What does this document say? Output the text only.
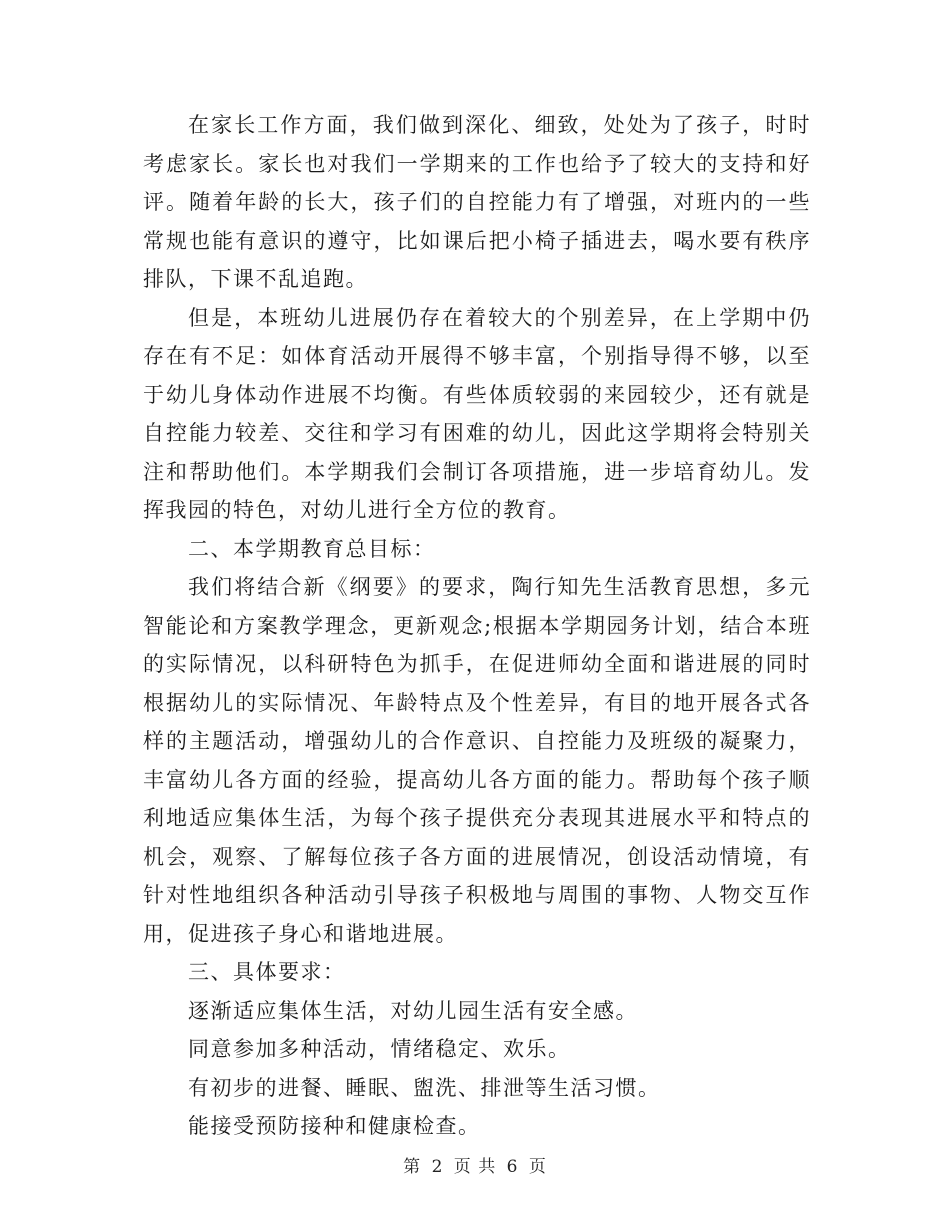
在家长工作方面，我们做到深化、细致，处处为了孩子，时时考虑家长。家长也对我们一学期来的工作也给予了较大的支持和好评。随着年龄的长大，孩子们的自控能力有了增强，对班内的一些常规也能有意识的遵守，比如课后把小椅子插进去，喝水要有秩序排队，下课不乱追跑。

但是，本班幼儿进展仍存在着较大的个别差异，在上学期中仍存在有不足：如体育活动开展得不够丰富，个别指导得不够，以至于幼儿身体动作进展不均衡。有些体质较弱的来园较少，还有就是自控能力较差、交往和学习有困难的幼儿，因此这学期将会特别关注和帮助他们。本学期我们会制订各项措施，进一步培育幼儿。发挥我园的特色，对幼儿进行全方位的教育。

二、本学期教育总目标：

我们将结合新《纲要》的要求，陶行知先生活教育思想，多元智能论和方案教学理念，更新观念;根据本学期园务计划，结合本班的实际情况，以科研特色为抓手，在促进师幼全面和谐进展的同时根据幼儿的实际情况、年龄特点及个性差异，有目的地开展各式各样的主题活动，增强幼儿的合作意识、自控能力及班级的凝聚力，丰富幼儿各方面的经验，提高幼儿各方面的能力。帮助每个孩子顺利地适应集体生活，为每个孩子提供充分表现其进展水平和特点的机会，观察、了解每位孩子各方面的进展情况，创设活动情境，有针对性地组织各种活动引导孩子积极地与周围的事物、人物交互作用，促进孩子身心和谐地进展。

三、具体要求：

逐渐适应集体生活，对幼儿园生活有安全感。

同意参加多种活动，情绪稳定、欢乐。

有初步的进餐、睡眠、盥洗、排泄等生活习惯。

能接受预防接种和健康检查。

第 2 页 共 6 页
